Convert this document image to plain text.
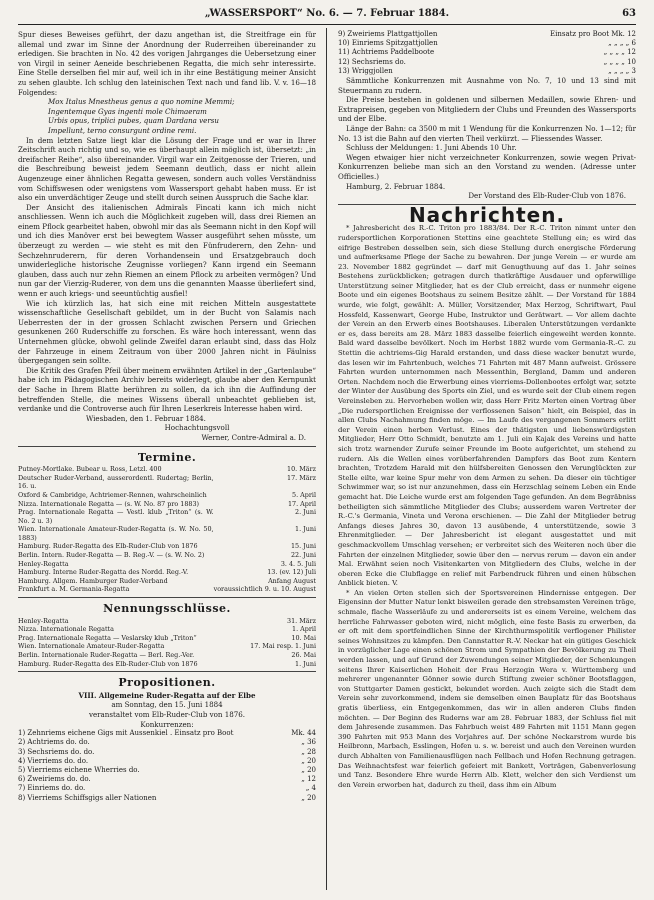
„WASSERSPORT“ No. 6. — 7. Februar 1884.	63

Spur dieses Beweises geführt, der dazu angethan ist, die Streitfrage ein für allemal und zwar im Sinne der Anordnung der Ruderreihen übereinander zu erledigen. Sie brachten in No. 42 des vorigen Jahrganges die Uebersetzung einer von Virgil in seiner Aeneide beschriebenen Regatta, die mich sehr interessirte. Eine Stelle derselben fiel mir auf, weil ich in ihr eine Bestätigung meiner Ansicht zu sehen glaubte. Ich schlug den lateinischen Text nach und fand lib. V. v. 16—18 Folgendes:

Mox Italus Mnestheus genus a quo nomine Memmi;

Ingentemque Gyas ingenti mole Chimaeram

Urbis opus, triplici pubes, quam Dardana versu

Impellunt, terno consurgunt ordine remi.

In dem letzten Satze liegt klar die Lösung der Frage und er war in Ihrer Zeitschrift auch richtig und so, wie es überhaupt allein möglich ist, übersetzt: „in dreifacher Reihe“, also übereinander. Virgil war ein Zeitgenosse der Trieren, und die Beschreibung beweist jedem Seemann deutlich, dass er nicht allein Augenzeuge einer ähnlichen Regatta gewesen, sondern auch volles Verständniss vom Schiffswesen oder wenigstens vom Wassersport gehabt haben muss. Er ist also ein unverdächtiger Zeuge und stellt durch seinen Ausspruch die Sache klar.

Der Ansicht des italienischen Admirals Fincati kann ich mich nicht anschliessen. Wenn ich auch die Möglichkeit zugeben will, dass drei Riemen an einem Pflock gearbeitet haben, obwohl mir das als Seemann nicht in den Kopf will und ich dies Manöver erst bei bewegtem Wasser ausgeführt sehen müsste, um überzeugt zu werden — wie steht es mit den Fünfruderern, den Zehn- und Sechzehnruderern, für deren Vorhandensein und Ersatzgebrauch doch unwiderlegliche historische Zeugnisse vorliegen? Kann irgend ein Seemann glauben, dass auch nur zehn Riemen an einem Pflock zu arbeiten vermögen? Und nun gar der Vierzig-Ruderer, von dem uns die genannten Maasse überliefert sind, wenn er auch kriegs- und seeuntüchtig ausfiel!

Wie ich kürzlich las, hat sich eine mit reichen Mitteln ausgestattete wissenschaftliche Gesellschaft gebildet, um in der Bucht von Salamis nach Ueberresten der in der grossen Schlacht zwischen Persern und Griechen gesunkenen 260 Ruderschiffe zu forschen. Es wäre hoch interessant, wenn das Unternehmen glücke, obwohl gelinde Zweifel daran erlaubt sind, dass das Holz der Fahrzeuge in einem Zeitraum von über 2000 Jahren nicht in Fäulniss übergegangen sein sollte.

Die Kritik des Grafen Pfeil über meinem erwähnten Artikel in der „Gartenlaube“ habe ich im Pädagogischen Archiv bereits widerlegt, glaube aber den Kernpunkt der Sache in Ihrem Blatte berühren zu sollen, da ich ihn die Auffindung der betreffenden Stelle, die meines Wissens überall unbeachtet geblieben ist, verdanke und die Controverse auch für Ihren Leserkreis Interesse haben wird.

Wiesbaden, den 1. Februar 1884.

Hochachtungsvoll

Werner, Contre-Admiral a. D.

Termine.
Putney-Mortlake. Bubear u. Ross, Letzl. 400	10. März
Deutscher Ruder-Verband, ausserordentl. Rudertag; Berlin, 16. u.	17. März
Oxford & Cambridge, Achtriemer-Rennen, wahrscheinlich	5. April
Nizza. Internationale Regatta — (s. W. No. 87 pro 1883)	17. April
Prag. Internationale Regatta — Vestl. klub „Triton“ (s. W. No. 2 u. 3)	2. Juni
Wien. Internationale Amateur-Ruder-Regatta (s. W. No. 50, 1883)	1. Juni
Hamburg. Ruder-Regatta des Elb-Ruder-Club von 1876	15. Juni
Berlin. Intern. Ruder-Regatta — B. Reg.-V. — (s. W. No. 2)	22. Juni
Henley-Regatta	3. 4. 5. Juli
Hamburg. Interne Ruder-Regatta des Nordd. Reg.-V.	13. (ev. 12) Juli
Hamburg. Allgem. Hamburger Ruder-Verband	Anfang August
Frankfurt a. M. Germania-Regatta	voraussichtlich 9. u. 10. August
Nennungsschlüsse.
Henley-Regatta	31. März
Nizza. Internationale Regatta	1. April
Prag. Internationale Regatta — Veslarsky klub „Triton“	10. Mai
Wien. Internationale Amateur-Ruder-Regatta	17. Mai resp. 1. Juni
Berlin. Internationale Ruder-Regatta — Berl. Reg.-Ver.	26. Mai
Hamburg. Ruder-Regatta des Elb-Ruder-Club von 1876	1. Juni
Propositionen.

VIII. Allgemeine Ruder-Regatta auf der Elbe

am Sonntag, den 15. Juni 1884

veranstaltet vom Elb-Ruder-Club von 1876.

Konkurrenzen:

1) Zehnriems eichene Gigs mit Aussenkiel . Einsatz pro Boot	Mk. 44
2) Achtriems do. do.	„ 36
3) Sechsriems do. do.	„ 28
4) Vierriems do. do.	„ 20
5) Vierriems eichene Wherries do.	„ 20
6) Zweiriems do. do.	„ 12
7) Einriems do. do.	„ 4
8) Vierriems Schiffsgigs aller Nationen	„ 20
9) Zweiriems Plattgattjollen	Einsatz pro Boot Mk. 12
10) Einriems Spitzgattjollen	„ „ „ „ 6
11) Achtriems Paddelboote	„ „ „ „ 12
12) Sechsriems do.	„ „ „ „ 10
13) Wriggjollen	„ „ „ „ 3

Sämmtliche Konkurrenzen mit Ausnahme von No. 7, 10 und 13 sind mit Steuermann zu rudern.

Die Preise bestehen in goldenen und silbernen Medaillen, sowie Ehren- und Extrapreisen, gegeben von Mitgliedern der Clubs und Freunden des Wassersports und der Elbe.

Länge der Bahn: ca 3500 m mit 1 Wendung für die Konkurrenzen No. 1—12; für No. 13 ist die Bahn auf den vierten Theil verkürzt. — Fliessendes Wasser.

Schluss der Meldungen: 1. Juni Abends 10 Uhr.

Wegen etwaiger hier nicht verzeichneter Konkurrenzen, sowie wegen Privat-Konkurrenzen beliebe man sich an den Vorstand zu wenden. (Adresse unter Officielles.)

Hamburg, 2. Februar 1884.

Der Vorstand des Elb-Ruder-Club von 1876.

Nachrichten.

* Jahresbericht des R.-C. Triton pro 1883/84. Der R.-C. Triton nimmt unter den rudersportlichen Korporationen Stettins eine geachtete Stellung ein; es wird das eifrige Bestreben desselben sein, sich diese Stellung durch energische Förderung und aufmerksame Pflege der Sache zu bewahren. Der junge Verein — er wurde am 23. November 1882 gegründet — darf mit Genugthuung auf das 1. Jahr seines Bestehens zurückblicken; getragen durch thatkräftige Ausdauer und opferwillige Unterstützung seiner Mitglieder, hat es der Club erreicht, dass er nunmehr eigene Boote und ein eigenes Bootshaus zu seinem Besitze zählt. — Der Vorstand für 1884 wurde, wie folgt, gewählt: A. Müller, Vorsitzender, Max Herzog, Schriftwart, Paul Hossfeld, Kassenwart, George Hube, Instruktor und Gerätwart. — Vor allem dachte der Verein an den Erwerb eines Bootshauses. Liberalen Unterstützungen verdankte er es, dass bereits am 28. März 1883 dasselbe feierlich eingeweiht werden konnte. Bald ward dasselbe bevölkert. Noch im Herbst 1882 wurde vom Germania-R.-C. zu Stettin die achtriems-Gig Harald erstanden, und dass diese wacker benutzt wurde, das lesen wir im Fahrtenbuch, welches 71 Fahrten mit 487 Mann aufweist. Grössere Fahrten wurden unternommen nach Messenthin, Bergland, Damm und anderen Orten. Nachdem noch die Erwerbung eines vierriems-Dollenbootes erfolgt war, setzte der Winter der Ausübung des Sports ein Ziel, und es wurde seit der Club einem regen Vereinsleben zu. Hervorheben wollen wir, dass Herr Fritz Merten einen Vortrag über „Die rudersportlichen Ereignisse der verflossenen Saison“ hielt, ein Beispiel, das in allen Clubs Nachahmung finden möge. — Im Laufe des vergangenen Sommers erlitt der Verein einen herben Verlust. Eines der thätigsten und liebenswürdigsten Mitglieder, Herr Otto Schmidt, benutzte am 1. Juli ein Kajak des Vereins und hatte sich trotz warnender Zurufe seiner Freunde im Boote aufgerichtet, um stehend zu rudern. Als die Wellen eines vorüberfahrenden Dampfers das Boot zum Kentern brachten, Trotzdem Harald mit den hülfsbereiten Genossen den Verunglückten zur Stelle eilte, war keine Spur mehr von dem Armen zu sehen. Da dieser ein tüchtiger Schwimmer war, so ist nur anzunehmen, dass ein Herzschlag seinem Leben ein Ende gemacht hat. Die Leiche wurde erst am folgenden Tage gefunden. An dem Begräbniss betheiligten sich sämmtliche Mitglieder des Clubs; ausserdem waren Vertreter der R.-C.'s Germania, Vineta und Verona erschienen. — Die Zahl der Mitglieder betrug Anfangs dieses Jahres 30, davon 13 ausübende, 4 unterstützende, sowie 3 Ehrenmitglieder. — Der Jahresbericht ist elegant ausgestattet und mit geschmackvollem Umschlag versehen; er verbreitet sich des Weiteren noch über die Fahrten der einzelnen Mitglieder, sowie über den — nervus rerum — davon ein ander Mal. Erwähnt seien noch Visitenkarten von Mitgliedern des Clubs, welche in der oberen Ecke die Clubflagge en relief mit Farbendruck führen und einen hübschen Anblick bieten. V.

* An vielen Orten stellen sich der Sportsvereinen Hindernisse entgegen. Der Eigensinn der Mutter Natur lenkt bisweilen gerade den strebsamsten Vereinen träge, schmale, flache Wasserläufe zu und andererseits ist es einem Vereine, welchem das herrliche Fahrwasser geboten wird, nicht möglich, eine feste Basis zu erwerben, da er oft mit dem sportfeindlichen Sinne der Kirchthurmspolitik verflogener Philister seines Wohnsitzes zu kämpfen. Den Cannstatter R.-V. Neckar hat ein gütiges Geschick in vorzüglicher Lage einen schönen Strom und Sympathien der Bevölkerung zu Theil werden lassen, und auf Grund der Zuwendungen seiner Mitglieder, der Schenkungen seitens Ihrer Kaiserlichen Hoheit der Frau Herzogin Wera v. Württemberg und mehrerer ungenannter Gönner sowie durch Stiftung zweier schöner Bootsflaggen, von Stuttgarter Damen gestickt, bekundet worden. Auch zeigte sich die Stadt dem Verein sehr zuvorkommend, indem sie demselben einen Bauplatz für das Bootshaus gratis überliess, ein Entgegenkommen, das wir in allen anderen Clubs finden möchten. — Der Beginn des Ruderns war am 28. Februar 1883, der Schluss fiel mit dem Jahresende zusammen. Das Fahrbuch weist 489 Fahrten mit 1151 Mann gegen 390 Fahrten mit 953 Mann des Vorjahres auf. Der schöne Neckarstrom wurde bis Heilbronn, Marbach, Esslingen, Hofen u. s. w. bereist und auch den Vereinen wurden durch Abhalten von Familienausflügen nach Fellbach und Hofen Rechnung getragen. Das Weihnachtsfest war feierlich gefeiert mit Bankett, Vorträgen, Gabenverlosung und Tanz. Besondere Ehre wurde Herrn Alb. Klett, welcher den sich Verdienst um den Verein erworben hat, dadurch zu theil, dass ihm ein Album
